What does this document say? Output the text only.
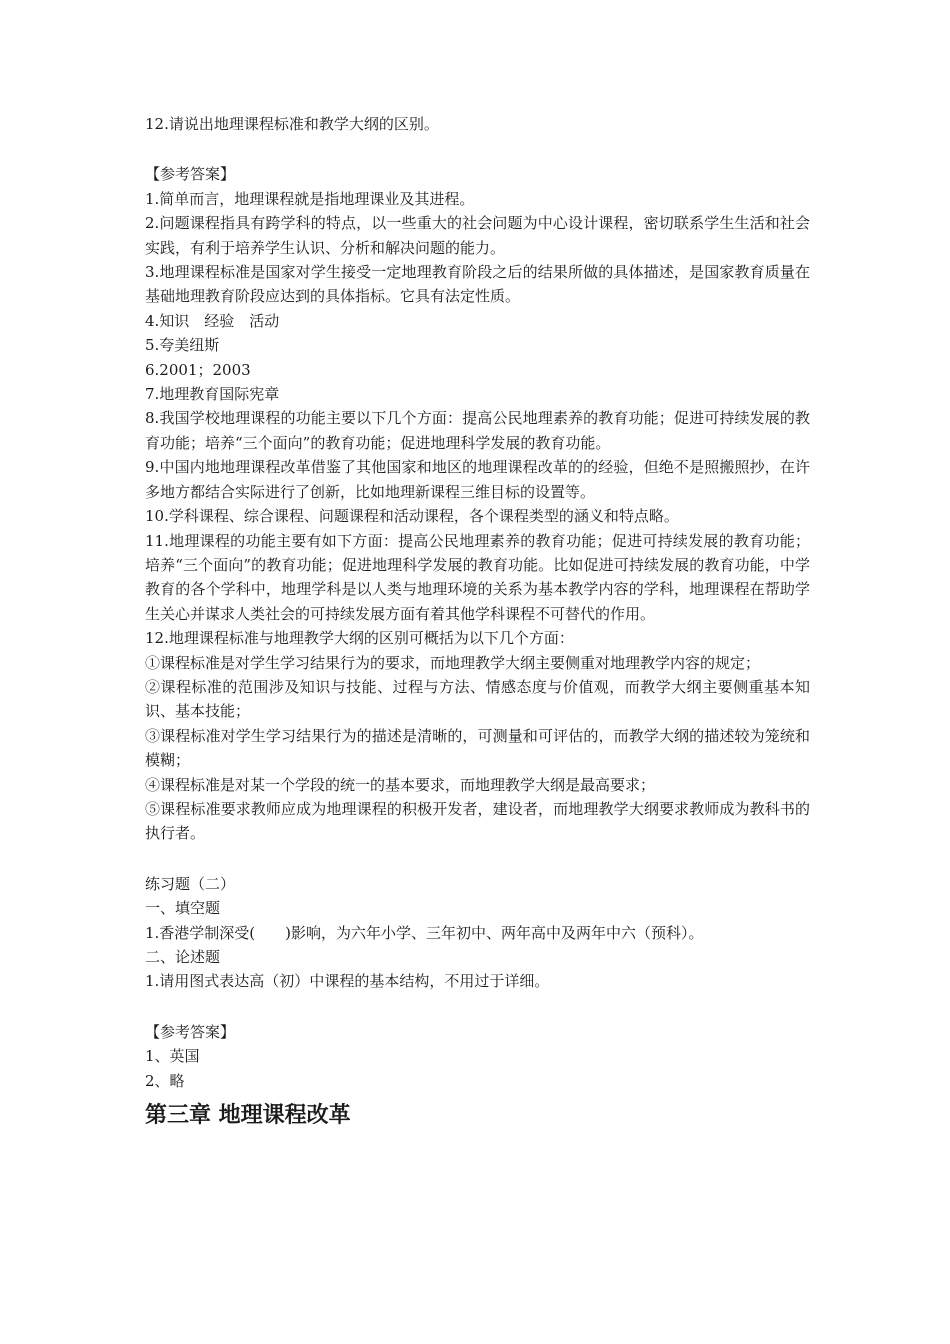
12.请说出地理课程标准和教学大纲的区别。

【参考答案】

1.简单而言，地理课程就是指地理课业及其进程。

2.问题课程指具有跨学科的特点，以一些重大的社会问题为中心设计课程，密切联系学生生活和社会实践，有利于培养学生认识、分析和解决问题的能力。

3.地理课程标准是国家对学生接受一定地理教育阶段之后的结果所做的具体描述，是国家教育质量在基础地理教育阶段应达到的具体指标。它具有法定性质。

4.知识　经验　活动

5.夸美纽斯

6.2001；2003

7.地理教育国际宪章

8.我国学校地理课程的功能主要以下几个方面：提高公民地理素养的教育功能；促进可持续发展的教育功能；培养“三个面向”的教育功能；促进地理科学发展的教育功能。

9.中国内地地理课程改革借鉴了其他国家和地区的地理课程改革的的经验，但绝不是照搬照抄，在许多地方都结合实际进行了创新，比如地理新课程三维目标的设置等。

10.学科课程、综合课程、问题课程和活动课程，各个课程类型的涵义和特点略。

11.地理课程的功能主要有如下方面：提高公民地理素养的教育功能；促进可持续发展的教育功能；培养“三个面向”的教育功能；促进地理科学发展的教育功能。比如促进可持续发展的教育功能，中学教育的各个学科中，地理学科是以人类与地理环境的关系为基本教学内容的学科，地理课程在帮助学生关心并谋求人类社会的可持续发展方面有着其他学科课程不可替代的作用。

12.地理课程标准与地理教学大纲的区别可概括为以下几个方面：

①课程标准是对学生学习结果行为的要求，而地理教学大纲主要侧重对地理教学内容的规定；

②课程标准的范围涉及知识与技能、过程与方法、情感态度与价值观，而教学大纲主要侧重基本知识、基本技能；

③课程标准对学生学习结果行为的描述是清晰的，可测量和可评估的，而教学大纲的描述较为笼统和模糊；

④课程标准是对某一个学段的统一的基本要求，而地理教学大纲是最高要求；

⑤课程标准要求教师应成为地理课程的积极开发者，建设者，而地理教学大纲要求教师成为教科书的执行者。

练习题（二）

一、填空题

1.香港学制深受(　　)影响，为六年小学、三年初中、两年高中及两年中六（预科）。

二、论述题

1.请用图式表达高（初）中课程的基本结构，不用过于详细。

【参考答案】

1、英国

2、略

第三章 地理课程改革
